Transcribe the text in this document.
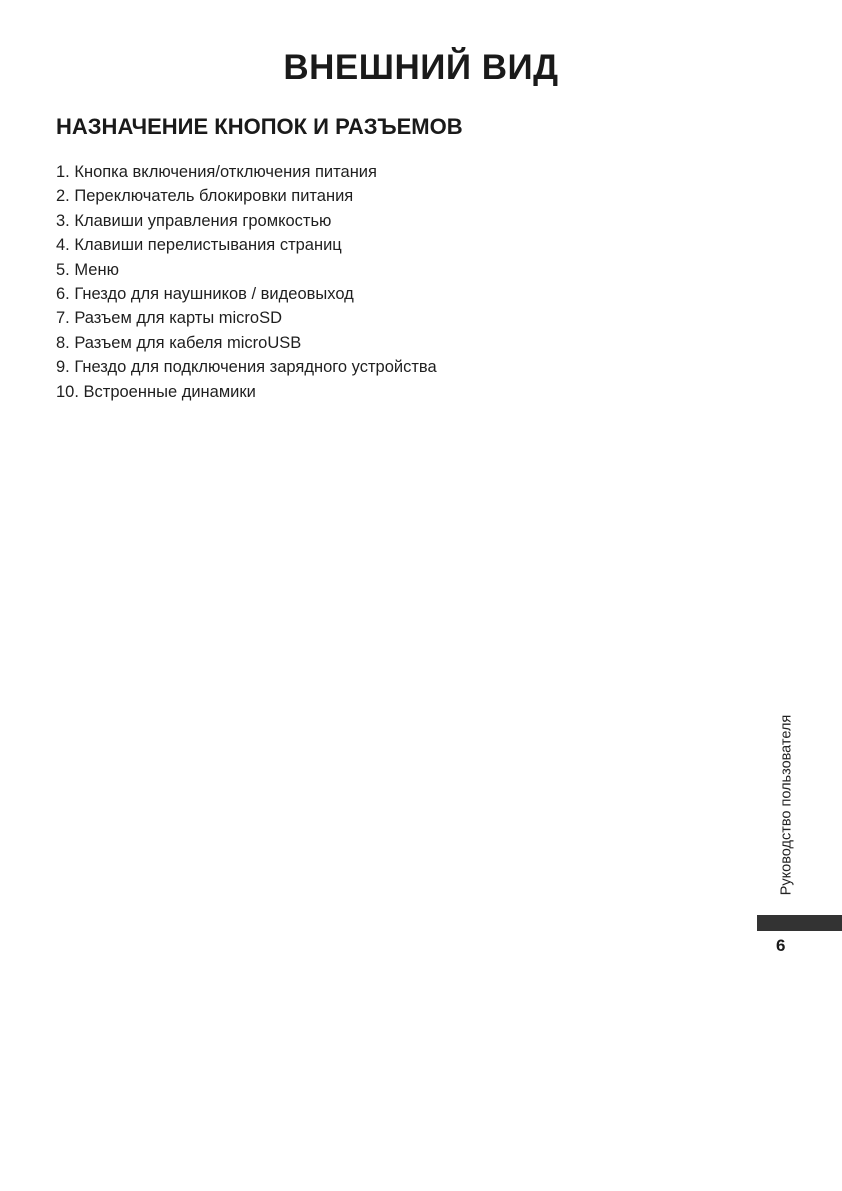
ВНЕШНИЙ ВИД
НАЗНАЧЕНИЕ КНОПОК И РАЗЪЕМОВ
1. Кнопка включения/отключения питания
2. Переключатель блокировки питания
3. Клавиши управления громкостью
4. Клавиши перелистывания страниц
5. Меню
6. Гнездо для наушников / видеовыход
7. Разъем для карты microSD
8. Разъем для кабеля microUSB
9. Гнездо для подключения зарядного устройства
10. Встроенные динамики
Руководство пользователя
6
